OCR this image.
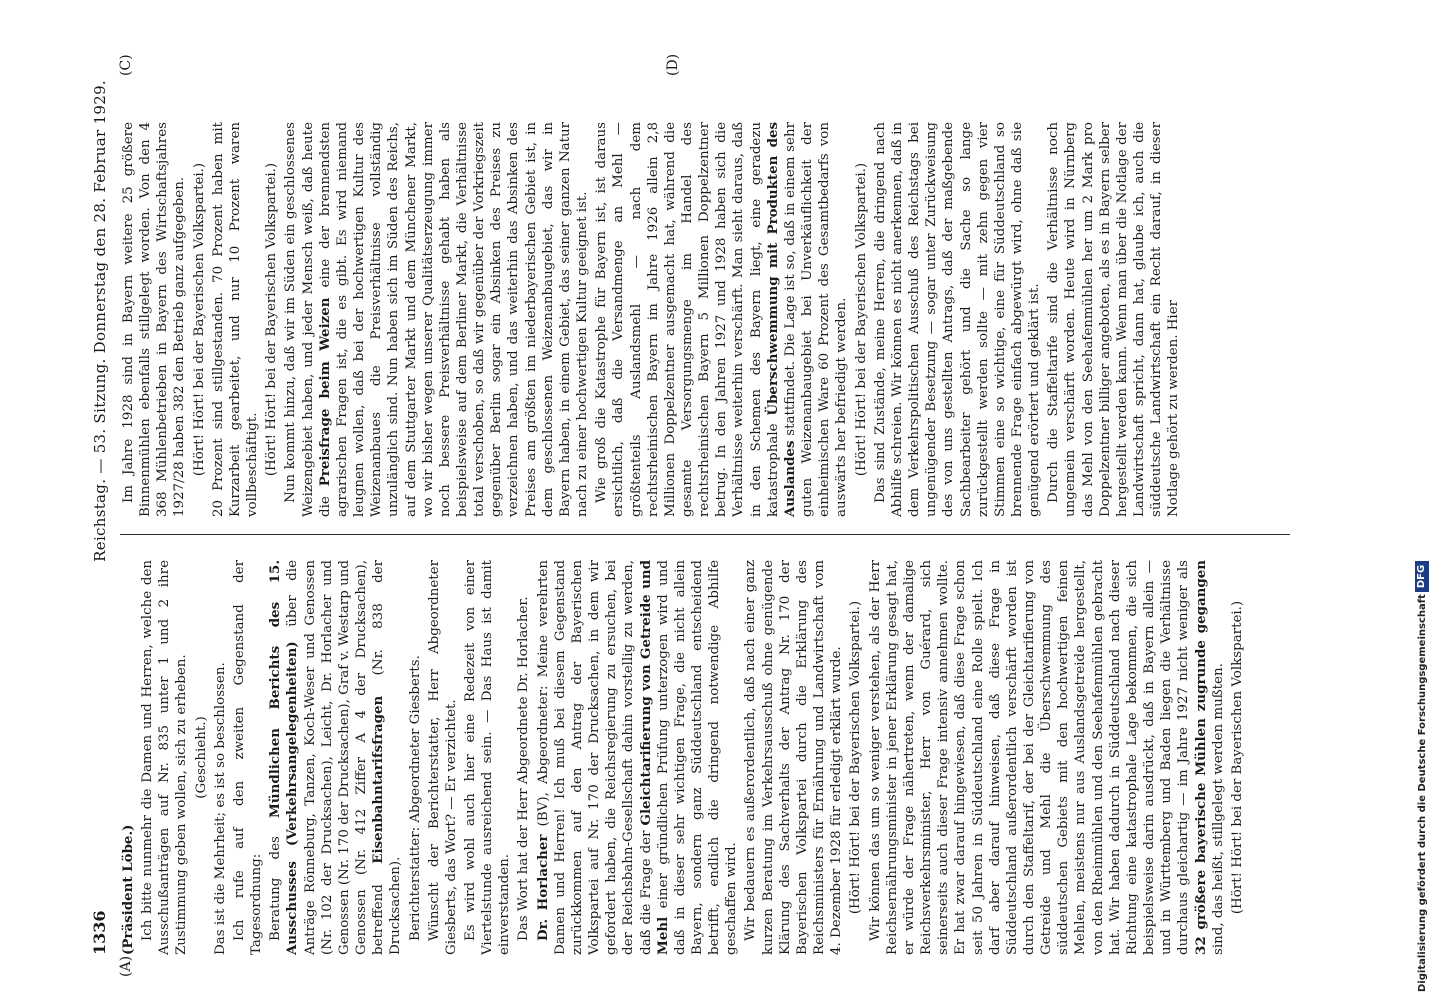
1336
Reichstag. — 53. Sitzung. Donnerstag den 28. Februar 1929.
(A)
(C)	(D)

(Präsident Löbe.) Ich bitte nunmehr die Damen und Herren, welche den Ausschußanträgen auf Nr. 835 unter 1 und 2 ihre Zustimmung geben wollen, sich zu erheben. (Geschieht.) Das ist die Mehrheit; es ist so beschlossen. Ich rufe auf den zweiten Gegenstand der Tagesordnung: Beratung des Mündlichen Berichts des 15. Ausschusses (Verkehrsangelegenheiten) über die Anträge Rönneburg, Tanzen, Koch-Weser und Genossen (Nr. 102 der Drucksachen), Leicht, Dr. Horlacher und Genossen (Nr. 170 der Drucksachen), Graf v. Westarp und Genossen (Nr. 412 Ziffer A 4 der Drucksachen), betreffend Eisenbahntarifsfragen (Nr. 838 der Drucksachen). Berichterstatter: Abgeordneter Giesberts. Wünscht der Berichterstatter, Herr Abgeordneter Giesberts, das Wort? — Er verzichtet. Es wird wohl auch hier eine Redezeit von einer Viertelstunde ausreichend sein. — Das Haus ist damit einverstanden. Das Wort hat der Herr Abgeordnete Dr. Horlacher. Dr. Horlacher (BV), Abgeordneter: Meine verehrten Damen und Herren! Ich muß bei diesem Gegenstand zurückkommen auf den Antrag der Bayerischen Volkspartei auf Nr. 170 der Drucksachen, in dem wir gefordert haben, die Reichsregierung zu ersuchen, bei der Reichsbahn-Gesellschaft dahin vorstellig zu werden, daß die Frage der Gleichtarifierung von Getreide und Mehl einer gründlichen Prüfung unterzogen wird und daß in dieser sehr wichtigen Frage, die nicht allein Bayern, sondern ganz Süddeutschland entscheidend betrifft, endlich die dringend notwendige Abhilfe geschaffen wird. Wir bedauern es außerordentlich, daß nach einer ganz kurzen Beratung im Verkehrsausschuß ohne genügende Klärung des Sachverhalts der Antrag Nr. 170 der Bayerischen Volkspartei durch die Erklärung des Reichsministers für Ernährung und Landwirtschaft vom 4. Dezember 1928 für erledigt erklärt wurde. (Hört! Hört! bei der Bayerischen Volkspartei.) Wir können das um so weniger verstehen, als der Herr Reichsernährungsminister in jener Erklärung gesagt hat, er würde der Frage nähertreten, wenn der damalige Reichsverkehrsminister, Herr von Guérard, sich seinerseits auch dieser Frage intensiv annehmen wollte. Er hat zwar darauf hingewiesen, daß diese Frage schon seit 50 Jahren in Süddeutschland eine Rolle spielt. Ich darf aber darauf hinweisen, daß diese Frage in Süddeutschland außerordentlich verschärft worden ist durch den Staffeltarif, der bei der Gleichtarifierung von Getreide und Mehl die Überschwemmung des süddeutschen Gebiets mit den hochwertigen feinen Mehlen, meistens nur aus Auslandsgetreide hergestellt, von den Rheinmühlen und den Seehafenmühlen gebracht hat. Wir haben dadurch in Süddeutschland nach dieser Richtung eine katastrophale Lage bekommen, die sich beispielsweise darin ausdrückt, daß in Bayern allein — und in Württemberg und Baden liegen die Verhältnisse durchaus gleichartig — im Jahre 1927 nicht weniger als 32 größere bayerische Mühlen zugrunde gegangen sind, das heißt, stillgelegt werden mußten. (Hört! Hört! bei der Bayerischen Volkspartei.)

Im Jahre 1928 sind in Bayern weitere 25 größere Binnenmühlen ebenfalls stillgelegt worden. Von den 4 368 Mühlenbetrieben in Bayern des Wirtschaftsjahres 1927/28 haben 382 den Betrieb ganz aufgegeben. (Hört! Hört! bei der Bayerischen Volkspartei.) 20 Prozent sind stillgestanden. 70 Prozent haben mit Kurzarbeit gearbeitet, und nur 10 Prozent waren vollbeschäftigt. (Hört! Hört! bei der Bayerischen Volkspartei.) Nun kommt hinzu, daß wir im Süden ein geschlossenes Weizengebiet haben, und jeder Mensch weiß, daß heute die Preisfrage beim Weizen eine der brennendsten agrarischen Fragen ist, die es gibt. Es wird niemand leugnen wollen, daß bei der hochwertigen Kultur des Weizenanbaues die Preisverhältnisse vollständig unzulänglich sind. Nun haben sich im Süden des Reichs, auf dem Stuttgarter Markt und dem Münchener Markt, wo wir bisher wegen unserer Qualitätserzeugung immer noch bessere Preisverhältnisse gehabt haben als beispielsweise auf dem Berliner Markt, die Verhältnisse total verschoben, so daß wir gegenüber der Vorkriegszeit gegenüber Berlin sogar ein Absinken des Preises zu verzeichnen haben, und das weiterhin das Absinken des Preises am größten im niederbayerischen Gebiet ist, in dem geschlossenen Weizenanbaugebiet, das wir in Bayern haben, in einem Gebiet, das seiner ganzen Natur nach zu einer hochwertigen Kultur geeignet ist. Wie groß die Katastrophe für Bayern ist, ist daraus ersichtlich, daß die Versandmenge an Mehl — größtenteils Auslandsmehl — nach dem rechtsrheinischen Bayern im Jahre 1926 allein 2,8 Millionen Doppelzentner ausgemacht hat, während die gesamte Versorgungsmenge im Handel des rechtsrheinischen Bayern 5 Millionen Doppelzentner betrug. In den Jahren 1927 und 1928 haben sich die Verhältnisse weiterhin verschärft. Man sieht daraus, daß in den Schemen des Bayern liegt, eine geradezu katastrophale Überschwemmung mit Produkten des Auslandes stattfindet. Die Lage ist so, daß in einem sehr guten Weizenanbaugebiet bei Unverkäuflichkeit der einheimischen Ware 60 Prozent des Gesamtbedarfs von auswärts her befriedigt werden. (Hört! Hört! bei der Bayerischen Volkspartei.) Das sind Zustände, meine Herren, die dringend nach Abhilfe schreien. Wir können es nicht anerkennen, daß in dem Verkehrspolitischen Ausschuß des Reichstags bei ungenügender Besetzung — sogar unter Zurückweisung des von uns gestellten Antrags, daß der maßgebende Sachbearbeiter gehört und die Sache so lange zurückgestellt werden sollte — mit zehn gegen vier Stimmen eine so wichtige, eine für Süddeutschland so brennende Frage einfach abgewürgt wird, ohne daß sie genügend erörtert und geklärt ist. Durch die Staffeltarife sind die Verhältnisse noch ungemein verschärft worden. Heute wird in Nürnberg das Mehl von den Seehafenmühlen her um 2 Mark pro Doppelzentner billiger angeboten, als es in Bayern selber hergestellt werden kann. Wenn man über die Notlage der Landwirtschaft spricht, dann hat, glaube ich, auch die süddeutsche Landwirtschaft ein Recht darauf, in dieser Notlage gehört zu werden. Hier

Digitalisierung gefördert durch die Deutsche Forschungsgemeinschaft
DFG
